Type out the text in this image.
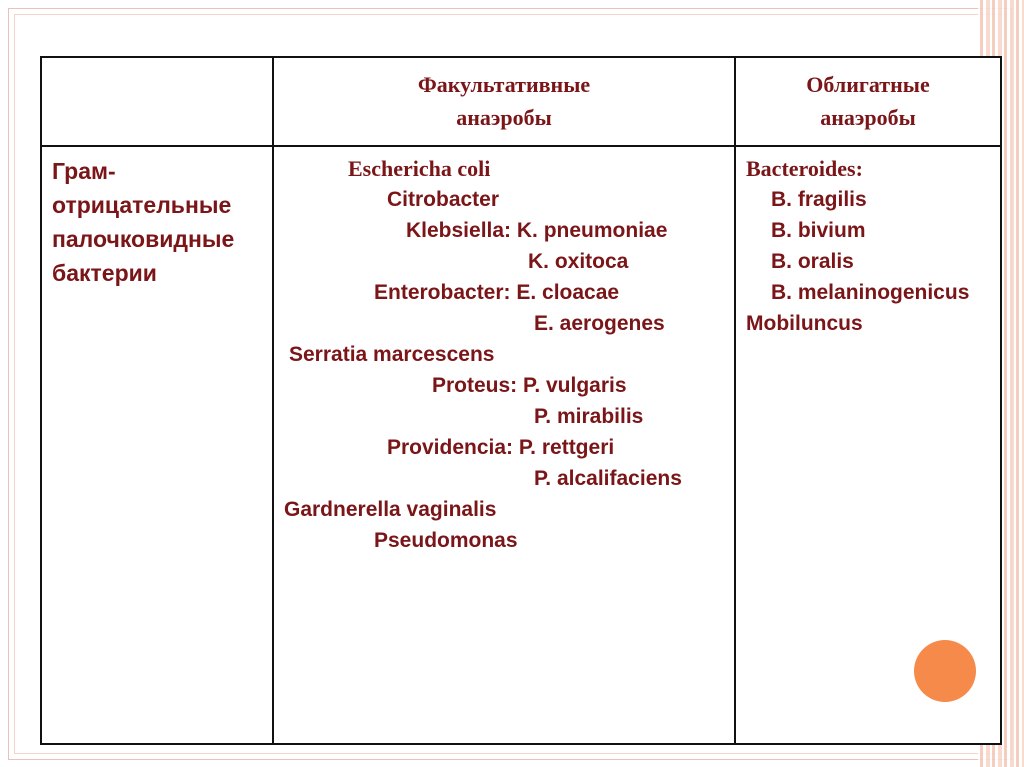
Факультативные
анаэробы
Облигатные
анаэробы
Грам-
отрицательные
палочковидные
бактерии
Eschericha coli
Citrobacter
Klebsiella: K. pneumoniae
K. oxitoca
Enterobacter: E. cloacae
E. aerogenes
Serratia marcescens
Proteus: P. vulgaris
P. mirabilis
Providencia: P. rettgeri
P. alcalifaciens
Gardnerella vaginalis
Pseudomonas
Bacteroides:
B. fragilis
B. bivium
B. oralis
B. melaninogenicus
Mobiluncus
